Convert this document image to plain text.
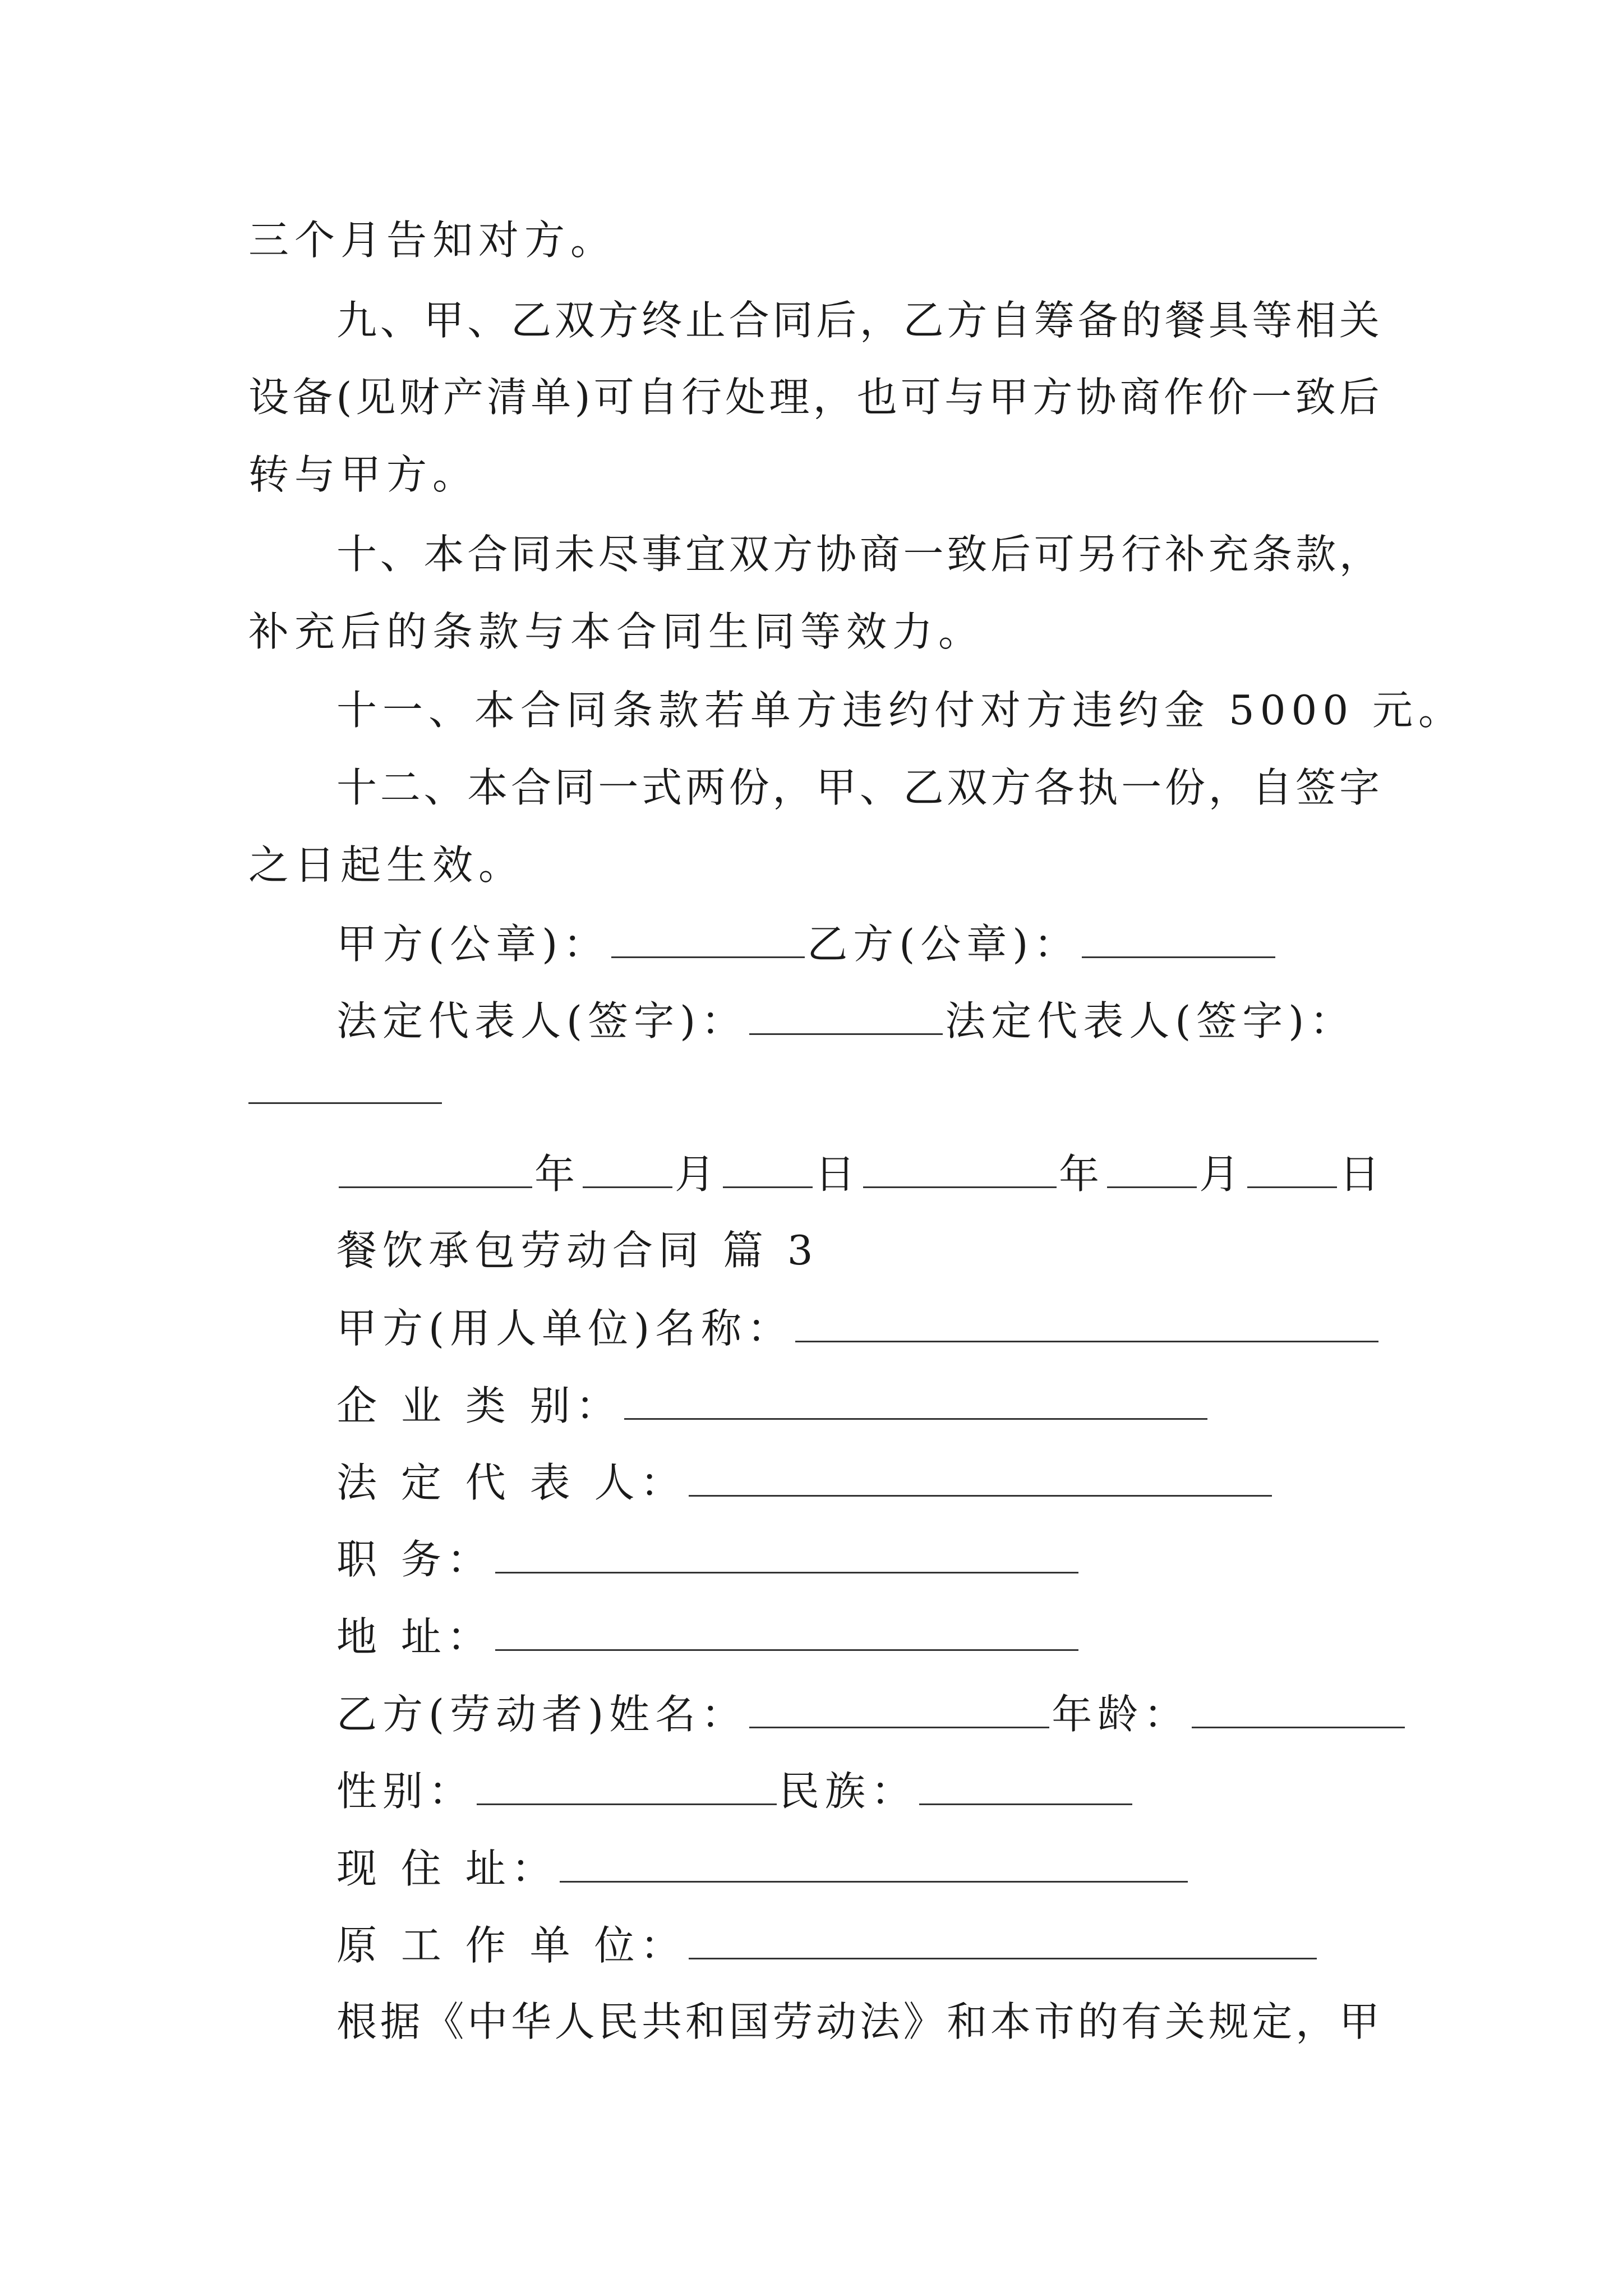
三个月告知对方。
九 、 甲 、 乙 双 方 终 止 合 同 后 ， 乙 方 自 筹 备 的 餐 具 等 相 关
设 备 ( 见 财 产 清 单 ) 可 自 行 处 理 ， 也 可 与 甲 方 协 商 作 价 一 致 后
转与甲方。
十 、 本 合 同 未 尽 事 宜 双 方 协 商 一 致 后 可 另 行 补 充 条 款 ，
补充后的条款与本合同生同等效力。
十一、本合同条款若单方违约付对方违约金 5000 元。
十 二 、 本 合 同 一 式 两 份 ， 甲 、 乙 双 方 各 执 一 份 ， 自 签 字
之日起生效。
甲方(公章)：	乙方(公章)：
法定代表人(签字)：	法定代表人(签字)：
年 月 日	年 月 日
餐饮承包劳动合同 篇 3
甲方(用人单位)名称：
企 业 类 别：
法 定 代 表 人：
职 务：
地 址：
乙方(劳动者)姓名：	年龄：
性别：	民族：
现 住 址：
原 工 作 单 位：
根 据 《 中 华 人 民 共 和 国 劳 动 法 》 和 本 市 的 有 关 规 定 ， 甲
